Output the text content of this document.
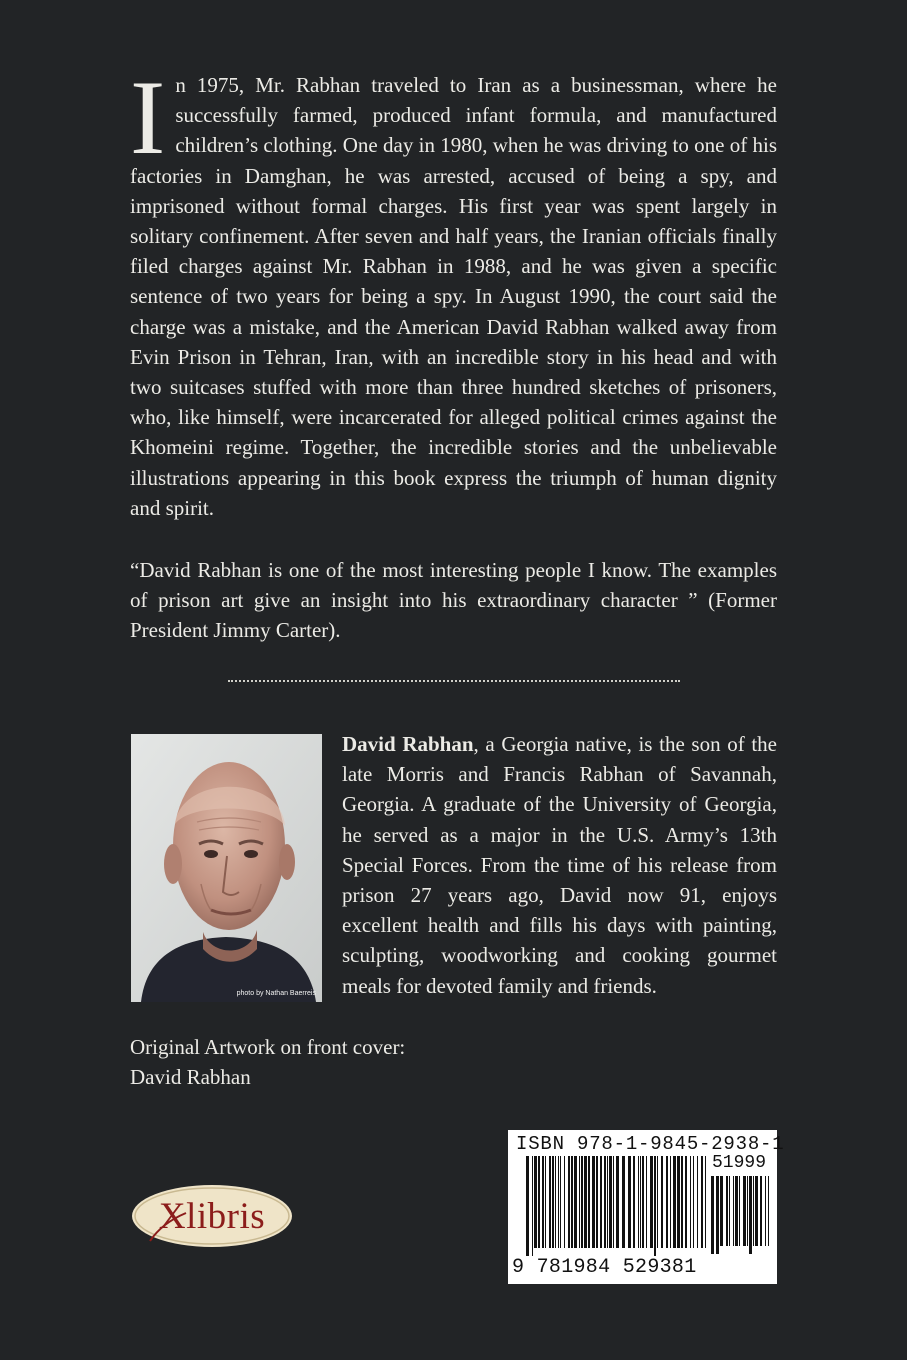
In 1975, Mr. Rabhan traveled to Iran as a businessman, where he successfully farmed, produced infant formula, and manufactured children’s clothing. One day in 1980, when he was driving to one of his factories in Damghan, he was arrested, accused of being a spy, and imprisoned without formal charges. His first year was spent largely in solitary confinement. After seven and half years, the Iranian officials finally filed charges against Mr. Rabhan in 1988, and he was given a specific sentence of two years for being a spy. In August 1990, the court said the charge was a mistake, and the American David Rabhan walked away from Evin Prison in Tehran, Iran, with an incredible story in his head and with two suitcases stuffed with more than three hundred sketches of prisoners, who, like himself, were incarcerated for alleged political crimes against the Khomeini regime. Together, the incredible stories and the unbelievable illustrations appearing in this book express the triumph of human dignity and spirit.

“David Rabhan is one of the most interesting people I know. The examples of prison art give an insight into his extraordinary character ” (Former President Jimmy Carter).

photo by Nathan Baerreis

David Rabhan, a Georgia native, is the son of the late Morris and Francis Rabhan of Savannah, Georgia. A graduate of the University of Georgia, he served as a major in the U.S. Army’s 13th Special Forces. From the time of his release from prison 27 years ago, David now 91, enjoys excellent health and fills his days with painting, sculpting, woodworking and cooking gourmet meals for devoted family and friends.

Original Artwork on front cover:
David Rabhan
Xlibris
ISBN 978-1-9845-2938-1
51999
9 781984 529381
